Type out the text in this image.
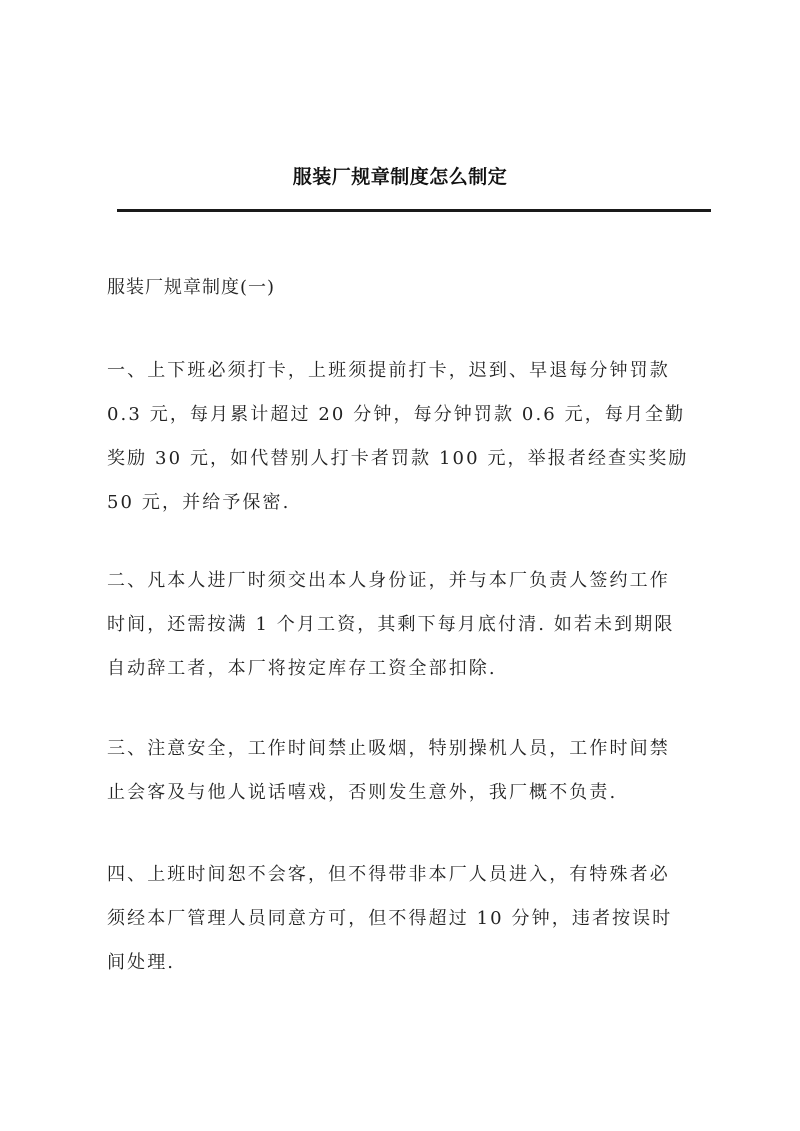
服装厂规章制度怎么制定
服装厂规章制度(一)
一、上下班必须打卡，上班须提前打卡，迟到、早退每分钟罚款
0.3 元，每月累计超过 20 分钟，每分钟罚款 0.6 元，每月全勤
奖励 30 元，如代替别人打卡者罚款 100 元，举报者经查实奖励
50 元，并给予保密.
二、凡本人进厂时须交出本人身份证，并与本厂负责人签约工作
时间，还需按满 1 个月工资，其剩下每月底付清. 如若未到期限
自动辞工者，本厂将按定库存工资全部扣除.
三、注意安全，工作时间禁止吸烟，特别操机人员，工作时间禁
止会客及与他人说话嘻戏，否则发生意外，我厂概不负责.
四、上班时间恕不会客，但不得带非本厂人员进入，有特殊者必
须经本厂管理人员同意方可，但不得超过 10 分钟，违者按误时
间处理.
